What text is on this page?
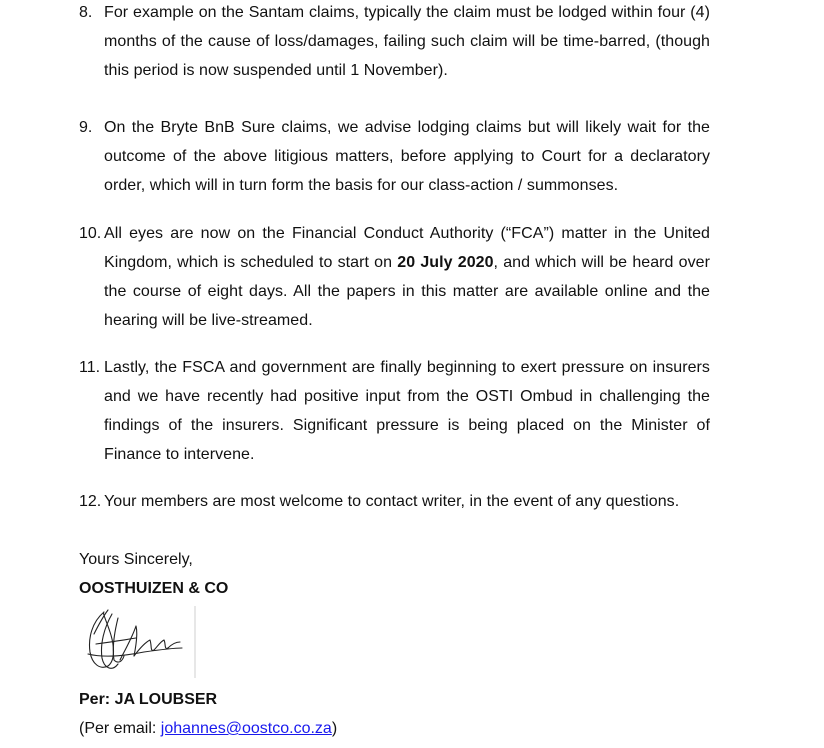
8. For example on the Santam claims, typically the claim must be lodged within four (4) months of the cause of loss/damages, failing such claim will be time-barred, (though this period is now suspended until 1 November).
9. On the Bryte BnB Sure claims, we advise lodging claims but will likely wait for the outcome of the above litigious matters, before applying to Court for a declaratory order, which will in turn form the basis for our class-action / summonses.
10. All eyes are now on the Financial Conduct Authority (“FCA”) matter in the United Kingdom, which is scheduled to start on 20 July 2020, and which will be heard over the course of eight days. All the papers in this matter are available online and the hearing will be live-streamed.
11. Lastly, the FSCA and government are finally beginning to exert pressure on insurers and we have recently had positive input from the OSTI Ombud in challenging the findings of the insurers. Significant pressure is being placed on the Minister of Finance to intervene.
12. Your members are most welcome to contact writer, in the event of any questions.
Yours Sincerely,
OOSTHUIZEN & CO
Per: JA LOUBSER
(Per email: johannes@oostco.co.za)
